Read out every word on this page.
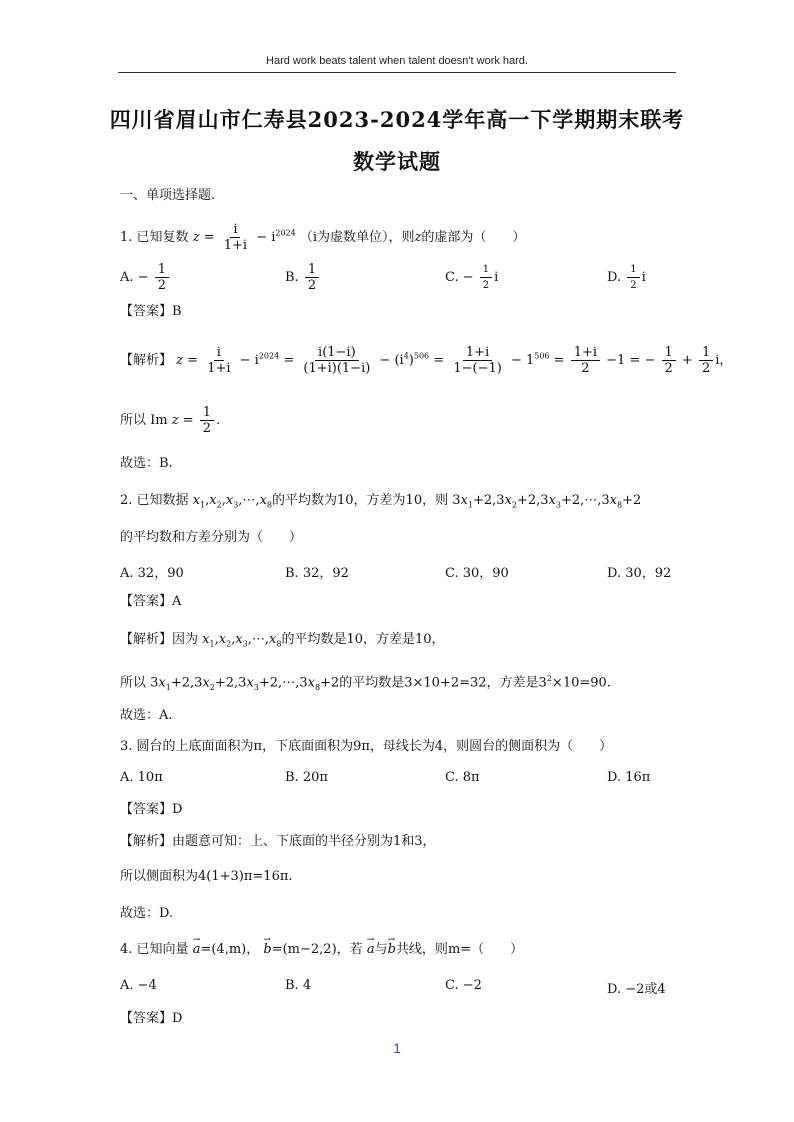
Hard work beats talent when talent doesn't work hard.
四川省眉山市仁寿县2023-2024学年高一下学期期末联考
数学试题
一、单项选择题.
1. 已知复数 $z = \frac{i}{1+i} - i^{2024}$ （i为虚数单位），则z的虚部为（　　）
A. − $\frac{1}{2}$	B. $\frac{1}{2}$	C. − $\frac{1}{2}$ i	D. $\frac{1}{2}$ i
【答案】B
【解析】 $z = \frac{i}{1+i} - i^{2024} = \frac{i(1-i)}{(1+i)(1-i)} - (i^4)^{506} = \frac{1+i}{1-(-1)} - 1^{506} = \frac{1+i}{2} -1$ = − $\frac{1}{2} + \frac{1}{2}$ i，
所以 Im $z = \frac{1}{2}$ .
故选：B.
2. 已知数据 $x_1,x_2,x_3,\cdots,x_8$的平均数为10，方差为10，则 $3x_1+2,3x_2+2,3x_3+2,\cdots,3x_8+2$
的平均数和方差分别为（　　）
A. 32，90	B. 32，92	C. 30，90	D. 30，92
【答案】A
【解析】因为 $x_1,x_2,x_3,\cdots,x_8$的平均数是10，方差是10，
所以 $3x_1+2,3x_2+2,3x_3+2,\cdots,3x_8+2$的平均数是3×10+2=32，方差是$3^2\times 10=90$.
故选：A.
3. 圆台的上底面面积为π，下底面面积为9π，母线长为4，则圆台的侧面积为（　　）
A. 10π	B. 20π	C. 8π	D. 16π
【答案】D
【解析】由题意可知：上、下底面的半径分别为1和3，
所以侧面积为4(1+3)π=16π.
故选：D.
4. 已知向量 → a=(4,m)， → b=(m−2,2)，若 → a与→ b共线，则m=（　　）
A. −4	B. 4	C. −2	D. −2或4
【答案】D
1
